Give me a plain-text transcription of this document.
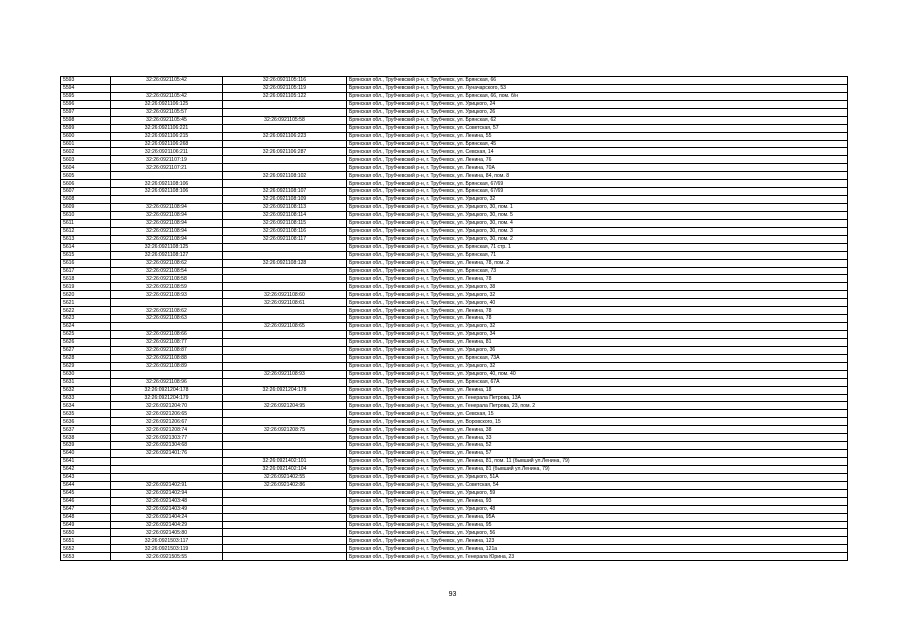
5593	32:26:0921105:42	32:26:0921105:116	Брянская обл., Трубчевский р-н, г. Трубчевск, ул. Брянская, 66
5594		32:26:0921105:119	Брянская обл., Трубчевский р-н, г. Трубчевск, ул. Луначарского, 53
5595	32:26:0921105:42	32:26:0921105:122	Брянская обл., Трубчевский р-н, г. Трубчевск, ул. Брянская, 66, пом. б/н
5596	32:26:0921106:125		Брянская обл., Трубчевский р-н, г. Трубчевск, ул. Урицкого, 24
5597	32:26:0921105:57		Брянская обл., Трубчевский р-н, г. Трубчевск, ул. Урицкого, 26
5598	32:26:0921105:45	32:26:0921105:58	Брянская обл., Трубчевский р-н, г. Трубчевск, ул. Брянская, 62
5599	32:26:0921106:221		Брянская обл., Трубчевский р-н, г. Трубчевск, ул. Советская, 57
5600	32:26:0921106:215	32:26:0921106:223	Брянская обл., Трубчевский р-н, г. Трубчевск, ул. Ленина, 55
5601	32:26:0921106:268		Брянская обл., Трубчевский р-н, г. Трубчевск, ул. Брянская, 45
5602	32:26:0921106:211	32:26:0921106:287	Брянская обл., Трубчевский р-н, г. Трубчевск, ул. Севская, 14
5603	32:26:0921107:19		Брянская обл., Трубчевский р-н, г. Трубчевск, ул. Ленина, 76
5604	32:26:0921107:21		Брянская обл., Трубчевский р-н, г. Трубчевск, ул. Ленина, 70А
5605		32:26:0921108:102	Брянская обл., Трубчевский р-н, г. Трубчевск, ул. Ленина, 84, пом. 8
5606	32:26:0921108:106		Брянская обл., Трубчевский р-н, г. Трубчевск, ул. Брянская, 67/69
5607	32:26:0921108:106	32:26:0921108:107	Брянская обл., Трубчевский р-н, г. Трубчевск, ул. Брянская, 67/69
5608		32:26:0921108:109	Брянская обл., Трубчевский р-н, г. Трубчевск, ул. Урицкого, 32
5609	32:26:0921108:94	32:26:0921108:113	Брянская обл., Трубчевский р-н, г. Трубчевск, ул. Урицкого, 30, пом. 1
5610	32:26:0921108:94	32:26:0921108:114	Брянская обл., Трубчевский р-н, г. Трубчевск, ул. Урицкого, 30, пом. 5
5611	32:26:0921108:94	32:26:0921108:115	Брянская обл., Трубчевский р-н, г. Трубчевск, ул. Урицкого, 30, пом. 4
5612	32:26:0921108:94	32:26:0921108:116	Брянская обл., Трубчевский р-н, г. Трубчевск, ул. Урицкого, 30, пом. 3
5613	32:26:0921108:94	32:26:0921108:117	Брянская обл., Трубчевский р-н, г. Трубчевск, ул. Урицкого, 30, пом. 2
5614	32:26:0921108:125		Брянская обл., Трубчевский р-н, г. Трубчевск, ул. Брянская, 71 стр. 1
5615	32:26:0921108:127		Брянская обл., Трубчевский р-н, г. Трубчевск, ул. Брянская, 71
5616	32:26:0921108:62	32:26:0921108:128	Брянская обл., Трубчевский р-н, г. Трубчевск, ул. Ленина, 78, пом. 2
5617	32:26:0921108:54		Брянская обл., Трубчевский р-н, г. Трубчевск, ул. Брянская, 73
5618	32:26:0921108:58		Брянская обл., Трубчевский р-н, г. Трубчевск, ул. Ленина, 78
5619	32:26:0921108:59		Брянская обл., Трубчевский р-н, г. Трубчевск, ул. Урицкого, 38
5620	32:26:0921108:93	32:26:0921108:60	Брянская обл., Трубчевский р-н, г. Трубчевск, ул. Урицкого, 32
5621		32:26:0921108:61	Брянская обл., Трубчевский р-н, г. Трубчевск, ул. Урицкого, 40
5622	32:26:0921108:62		Брянская обл., Трубчевский р-н, г. Трубчевск, ул. Ленина, 78
5623	32:26:0921108:63		Брянская обл., Трубчевский р-н, г. Трубчевск, ул. Ленина, 78
5624		32:26:0921108:65	Брянская обл., Трубчевский р-н, г. Трубчевск, ул. Урицкого, 32
5625	32:26:0921108:66		Брянская обл., Трубчевский р-н, г. Трубчевск, ул. Урицкого, 34
5626	32:26:0921108:77		Брянская обл., Трубчевский р-н, г. Трубчевск, ул. Ленина, 81
5627	32:26:0921108:87		Брянская обл., Трубчевский р-н, г. Трубчевск, ул. Урицкого, 36
5628	32:26:0921108:88		Брянская обл., Трубчевский р-н, г. Трубчевск, ул. Брянская, 73А
5629	32:26:0921108:89		Брянская обл., Трубчевский р-н, г. Трубчевск, ул. Урицкого, 32
5630		32:26:0921108:93	Брянская обл., Трубчевский р-н, г. Трубчевск, ул. Урицкого, 40, пом. 40
5631	32:26:0921108:96		Брянская обл., Трубчевский р-н, г. Трубчевск, ул. Брянская, 67А
5632	32:26:0921204:178	32:26:0921204:178	Брянская обл., Трубчевский р-н, г. Трубчевск, ул. Ленина, 18
5633	32:26:0921204:179		Брянская обл., Трубчевский р-н, г. Трубчевск, ул. Генерала Петрова, 13А
5634	32:26:0921204:70	32:26:0921204:95	Брянская обл., Трубчевский р-н, г. Трубчевск, ул. Генерала Петрова, 23, пом. 2
5635	32:26:0921206:65		Брянская обл., Трубчевский р-н, г. Трубчевск, ул. Севская, 15
5636	32:26:0921206:67		Брянская обл., Трубчевский р-н, г. Трубчевск, ул. Воровского, 15
5637	32:26:0921208:74	32:26:0921208:75	Брянская обл., Трубчевский р-н, г. Трубчевск, ул. Ленина, 38
5638	32:26:0921303:77		Брянская обл., Трубчевский р-н, г. Трубчевск, ул. Ленина, 33
5639	32:26:0921304:68		Брянская обл., Трубчевский р-н, г. Трубчевск, ул. Ленина, 52
5640	32:26:0921401:76		Брянская обл., Трубчевский р-н, г. Трубчевск, ул. Ленина, 57
5641		32:26:0921402:101	Брянская обл., Трубчевский р-н, г. Трубчевск, ул. Ленина, 81, пом. 11 (бывший ул.Ленина, 79)
5642		32:26:0921402:104	Брянская обл., Трубчевский р-н, г. Трубчевск, ул. Ленина, 81 (бывший ул.Ленина, 79)
5643		32:26:0921402:55	Брянская обл., Трубчевский р-н, г. Трубчевск, ул. Урицкого, 51А
5644	32:26:0921402:91	32:26:0921402:86	Брянская обл., Трубчевский р-н, г. Трубчевск, ул. Советская, 54
5645	32:26:0921402:94		Брянская обл., Трубчевский р-н, г. Трубчевск, ул. Урицкого, 59
5646	32:26:0921403:48		Брянская обл., Трубчевский р-н, г. Трубчевск, ул. Ленина, 93
5647	32:26:0921403:49		Брянская обл., Трубчевский р-н, г. Трубчевск, ул. Урицкого, 48
5648	32:26:0921404:24		Брянская обл., Трубчевский р-н, г. Трубчевск, ул. Ленина, 95А
5649	32:26:0921404:29		Брянская обл., Трубчевский р-н, г. Трубчевск, ул. Ленина, 95
5650	32:26:0921405:80		Брянская обл., Трубчевский р-н, г. Трубчевск, ул. Урицкого, 56
5651	32:26:0921503:117		Брянская обл., Трубчевский р-н, г. Трубчевск, ул. Ленина, 123
5652	32:26:0921503:119		Брянская обл., Трубчевский р-н, г. Трубчевск, ул. Ленина, 121а
5653	32:26:0921505:55		Брянская обл., Трубчевский р-н, г. Трубчевск, ул. Генерала Юрина, 23
93
